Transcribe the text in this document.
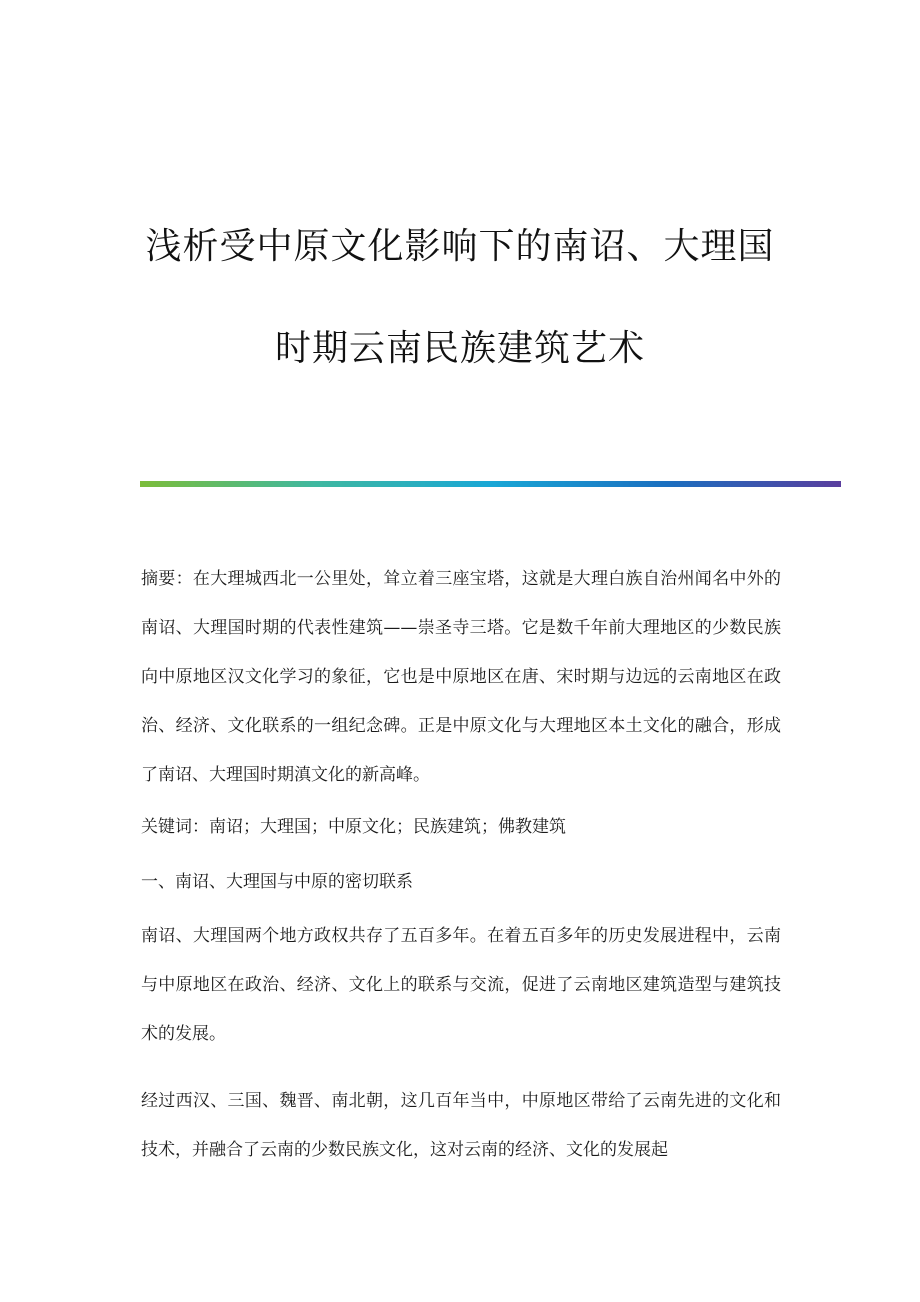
浅析受中原文化影响下的南诏、大理国
时期云南民族建筑艺术

摘要：在大理城西北一公里处，耸立着三座宝塔，这就是大理白族自治州闻名中外的南诏、大理国时期的代表性建筑——崇圣寺三塔。它是数千年前大理地区的少数民族向中原地区汉文化学习的象征，它也是中原地区在唐、宋时期与边远的云南地区在政治、经济、文化联系的一组纪念碑。正是中原文化与大理地区本土文化的融合，形成了南诏、大理国时期滇文化的新高峰。

关键词：南诏；大理国；中原文化；民族建筑；佛教建筑

一、南诏、大理国与中原的密切联系

南诏、大理国两个地方政权共存了五百多年。在着五百多年的历史发展进程中，云南与中原地区在政治、经济、文化上的联系与交流，促进了云南地区建筑造型与建筑技术的发展。

经过西汉、三国、魏晋、南北朝，这几百年当中，中原地区带给了云南先进的文化和技术，并融合了云南的少数民族文化，这对云南的经济、文化的发展起
